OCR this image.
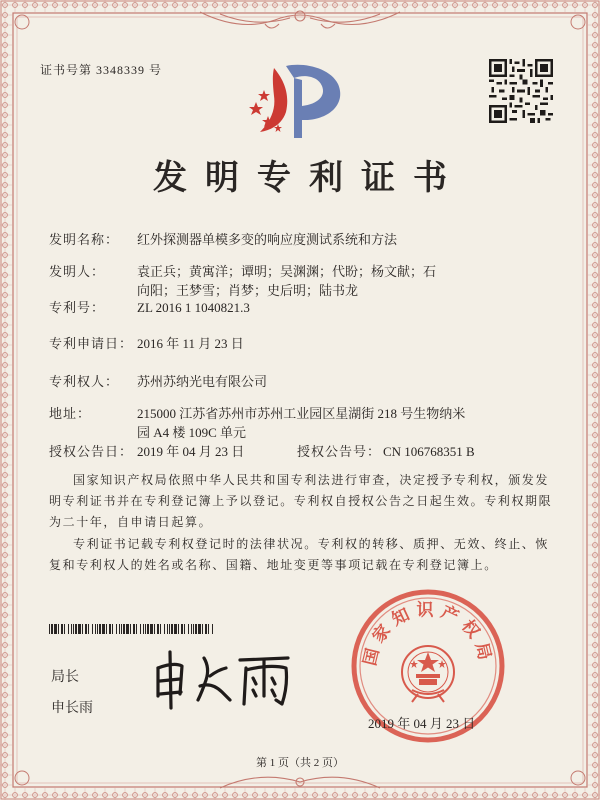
证书号第 3348339 号
发明专利证书
发明名称： 红外探测器单模多变的响应度测试系统和方法
发明人： 袁正兵；黄寓洋；谭明；吴渊渊；代盼；杨文献；石向阳；王梦雪；肖梦；史后明；陆书龙
专利号： ZL 2016 1 1040821.3
专利申请日： 2016 年 11 月 23 日
专利权人： 苏州苏纳光电有限公司
地址：	215000 江苏省苏州市苏州工业园区星湖街 218 号生物纳米园 A4 楼 109C 单元
授权公告日： 2019 年 04 月 23 日	授权公告号： CN 106768351 B
国家知识产权局依照中华人民共和国专利法进行审查，决定授予专利权，颁发发明专利证书并在专利登记簿上予以登记。专利权自授权公告之日起生效。专利权期限为二十年，自申请日起算。
专利证书记载专利权登记时的法律状况。专利权的转移、质押、无效、终止、恢复和专利权人的姓名或名称、国籍、地址变更等事项记载在专利登记簿上。
局长
申长雨
国家知识产权局
2019 年 04 月 23 日
第 1 页（共 2 页）
